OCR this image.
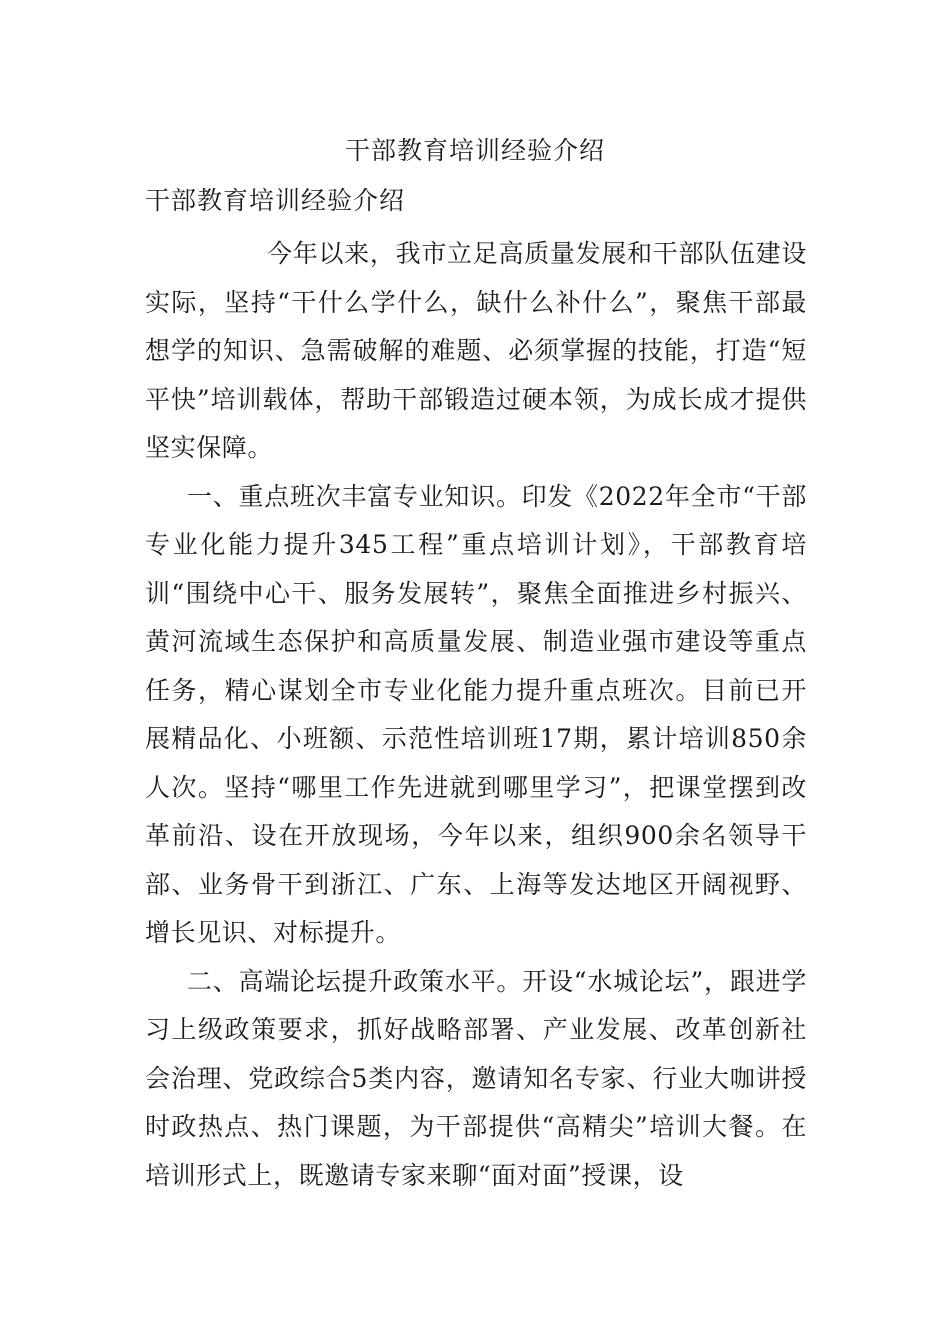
干部教育培训经验介绍
干部教育培训经验介绍

今年以来，我市立足高质量发展和干部队伍建设实际，坚持“干什么学什么，缺什么补什么”，聚焦干部最想学的知识、急需破解的难题、必须掌握的技能，打造“短平快”培训载体，帮助干部锻造过硬本领，为成长成才提供坚实保障。

一、重点班次丰富专业知识。印发《2022年全市“干部专业化能力提升345工程”重点培训计划》，干部教育培训“围绕中心干、服务发展转”，聚焦全面推进乡村振兴、黄河流域生态保护和高质量发展、制造业强市建设等重点任务，精心谋划全市专业化能力提升重点班次。目前已开展精品化、小班额、示范性培训班17期，累计培训850余人次。坚持“哪里工作先进就到哪里学习”，把课堂摆到改革前沿、设在开放现场，今年以来，组织900余名领导干部、业务骨干到浙江、广东、上海等发达地区开阔视野、增长见识、对标提升。

二、高端论坛提升政策水平。开设“水城论坛”，跟进学习上级政策要求，抓好战略部署、产业发展、改革创新社会治理、党政综合5类内容，邀请知名专家、行业大咖讲授时政热点、热门课题，为干部提供“高精尖”培训大餐。在培训形式上，既邀请专家来聊“面对面”授课，设
